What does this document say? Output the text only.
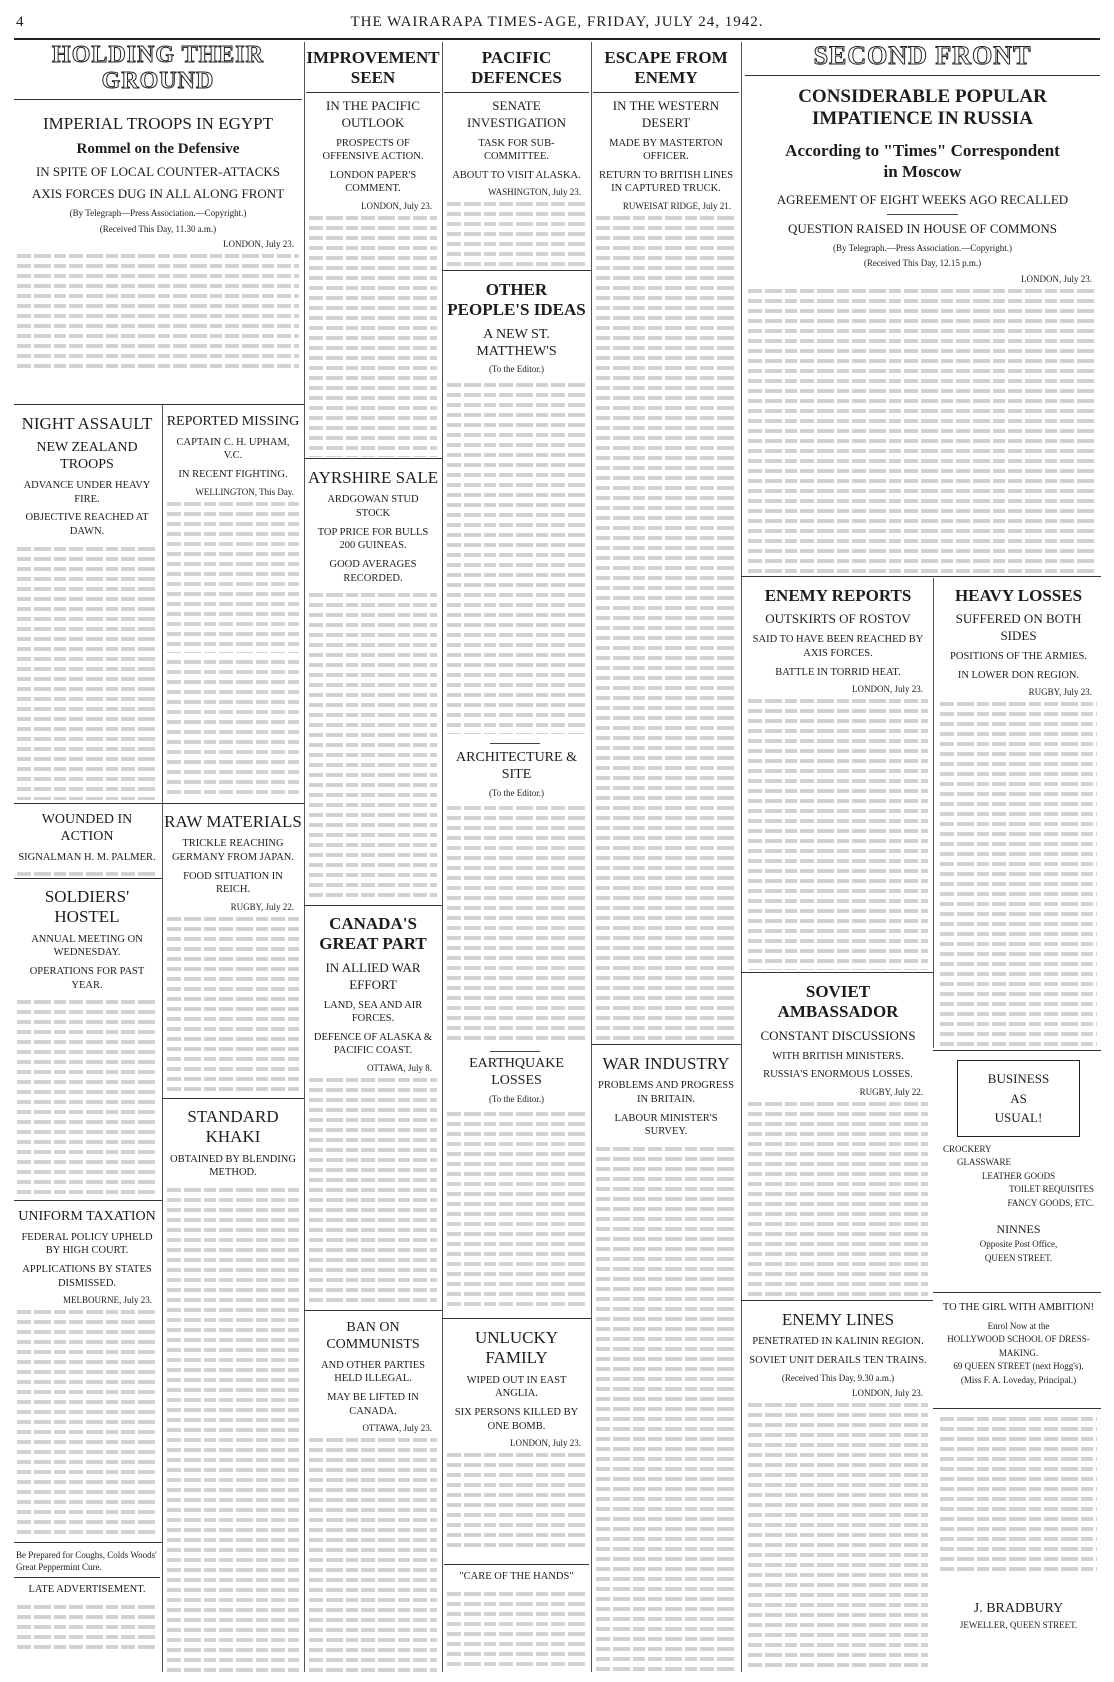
4	THE WAIRARAPA TIMES-AGE, FRIDAY, JULY 24, 1942.
HOLDING THEIR GROUND
IMPERIAL TROOPS IN EGYPT
Rommel on the Defensive
IN SPITE OF LOCAL COUNTER-ATTACKS
AXIS FORCES DUG IN ALL ALONG FRONT
(By Telegraph—Press Association.—Copyright.)
(Received This Day, 11.30 a.m.)
LONDON, July 23.
NIGHT ASSAULT
NEW ZEALAND TROOPS
ADVANCE UNDER HEAVY FIRE.
OBJECTIVE REACHED AT DAWN.
WOUNDED IN ACTION
SIGNALMAN H. M. PALMER.
SOLDIERS' HOSTEL
ANNUAL MEETING ON WEDNESDAY.
OPERATIONS FOR PAST YEAR.
UNIFORM TAXATION
FEDERAL POLICY UPHELD BY HIGH COURT.
APPLICATIONS BY STATES DISMISSED.
MELBOURNE, July 23.
Be Prepared for Coughs, Colds Woods' Great Peppermint Cure.
LATE ADVERTISEMENT.
REPORTED MISSING
CAPTAIN C. H. UPHAM, V.C.
IN RECENT FIGHTING.
WELLINGTON, This Day.
RAW MATERIALS
TRICKLE REACHING GERMANY FROM JAPAN.
FOOD SITUATION IN REICH.
RUGBY, July 22.
STANDARD KHAKI
OBTAINED BY BLENDING METHOD.
IMPROVEMENT SEEN
IN THE PACIFIC OUTLOOK
PROSPECTS OF OFFENSIVE ACTION.
LONDON PAPER'S COMMENT.
LONDON, July 23.
AYRSHIRE SALE
ARDGOWAN STUD STOCK
TOP PRICE FOR BULLS 200 GUINEAS.
GOOD AVERAGES RECORDED.
CANADA'S GREAT PART
IN ALLIED WAR EFFORT
LAND, SEA AND AIR FORCES.
DEFENCE OF ALASKA & PACIFIC COAST.
OTTAWA, July 8.
BAN ON COMMUNISTS
AND OTHER PARTIES HELD ILLEGAL.
MAY BE LIFTED IN CANADA.
OTTAWA, July 23.
PACIFIC DEFENCES
SENATE INVESTIGATION
TASK FOR SUB-COMMITTEE.
ABOUT TO VISIT ALASKA.
WASHINGTON, July 23.
OTHER PEOPLE'S IDEAS
A NEW ST. MATTHEW'S
(To the Editor.)
ARCHITECTURE & SITE
(To the Editor.)
EARTHQUAKE LOSSES
(To the Editor.)
UNLUCKY FAMILY
WIPED OUT IN EAST ANGLIA.
SIX PERSONS KILLED BY ONE BOMB.
LONDON, July 23.
"CARE OF THE HANDS"
ESCAPE FROM ENEMY
IN THE WESTERN DESERT
MADE BY MASTERTON OFFICER.
RETURN TO BRITISH LINES IN CAPTURED TRUCK.
RUWEISAT RIDGE, July 21.
WAR INDUSTRY
PROBLEMS AND PROGRESS IN BRITAIN.
LABOUR MINISTER'S SURVEY.
SECOND FRONT
CONSIDERABLE POPULAR IMPATIENCE IN RUSSIA
According to "Times" Correspondent in Moscow
AGREEMENT OF EIGHT WEEKS AGO RECALLED
QUESTION RAISED IN HOUSE OF COMMONS
(By Telegraph.—Press Association.—Copyright.)
(Received This Day, 12.15 p.m.)
LONDON, July 23.
ENEMY REPORTS
OUTSKIRTS OF ROSTOV
SAID TO HAVE BEEN REACHED BY AXIS FORCES.
BATTLE IN TORRID HEAT.
LONDON, July 23.
SOVIET AMBASSADOR
CONSTANT DISCUSSIONS
WITH BRITISH MINISTERS.
RUSSIA'S ENORMOUS LOSSES.
RUGBY, July 22.
ENEMY LINES
PENETRATED IN KALININ REGION.
SOVIET UNIT DERAILS TEN TRAINS.
(Received This Day, 9.30 a.m.)
LONDON, July 23.
HEAVY LOSSES
SUFFERED ON BOTH SIDES
POSITIONS OF THE ARMIES.
IN LOWER DON REGION.
RUGBY, July 23.
BUSINESS
AS
USUAL!
CROCKERY
GLASSWARE
LEATHER GOODS
TOILET REQUISITES
FANCY GOODS, ETC.
NINNES
Opposite Post Office,
QUEEN STREET.
TO THE GIRL WITH AMBITION!
Enrol Now at the
HOLLYWOOD SCHOOL OF DRESS-MAKING.
69 QUEEN STREET (next Hogg's).
(Miss F. A. Loveday, Principal.)
J. BRADBURY
JEWELLER, QUEEN STREET.
